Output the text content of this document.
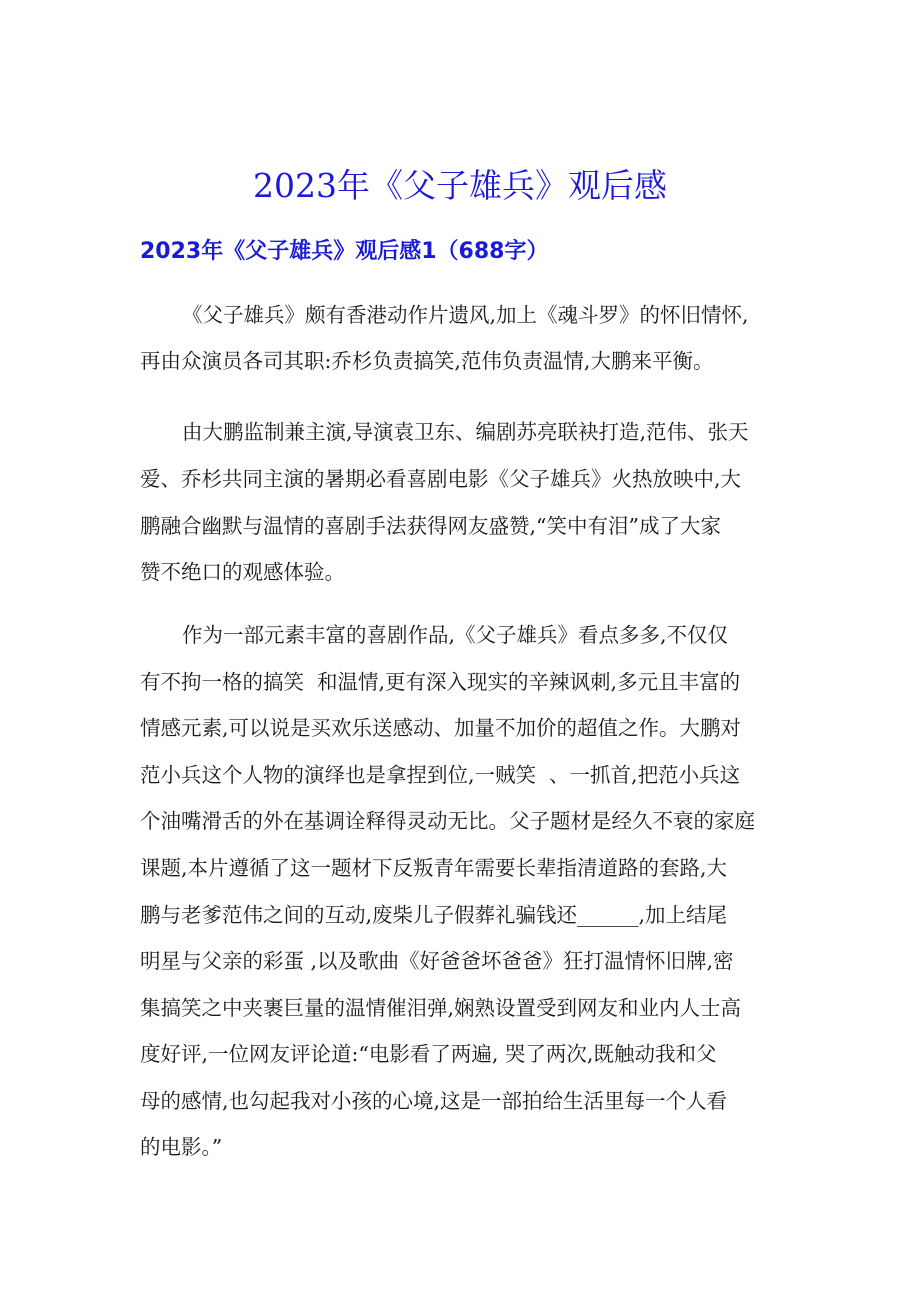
2023年《父子雄兵》观后感
2023年《父子雄兵》观后感1（688字）
《父子雄兵》颇有香港动作片遗风,加上《魂斗罗》的怀旧情怀,
再由众演员各司其职:乔杉负责搞笑,范伟负责温情,大鹏来平衡。
由大鹏监制兼主演,导演袁卫东、编剧苏亮联袂打造,范伟、张天
爱、乔杉共同主演的暑期必看喜剧电影《父子雄兵》火热放映中,大
鹏融合幽默与温情的喜剧手法获得网友盛赞,“笑中有泪”成了大家
赞不绝口的观感体验。
作为一部元素丰富的喜剧作品,《父子雄兵》看点多多,不仅仅
有不拘一格的搞笑  和温情,更有深入现实的辛辣讽刺,多元且丰富的
情感元素,可以说是买欢乐送感动、加量不加价的超值之作。大鹏对
范小兵这个人物的演绎也是拿捏到位,一贼笑  、一抓首,把范小兵这
个油嘴滑舌的外在基调诠释得灵动无比。父子题材是经久不衰的家庭
课题,本片遵循了这一题材下反叛青年需要长辈指清道路的套路,大
鹏与老爹范伟之间的互动,废柴儿子假葬礼骗钱还______,加上结尾
明星与父亲的彩蛋 ,以及歌曲《好爸爸坏爸爸》狂打温情怀旧牌,密
集搞笑之中夹裹巨量的温情催泪弹,娴熟设置受到网友和业内人士高
度好评,一位网友评论道:“电影看了两遍, 哭了两次,既触动我和父
母的感情,也勾起我对小孩的心境,这是一部拍给生活里每一个人看
的电影。”
